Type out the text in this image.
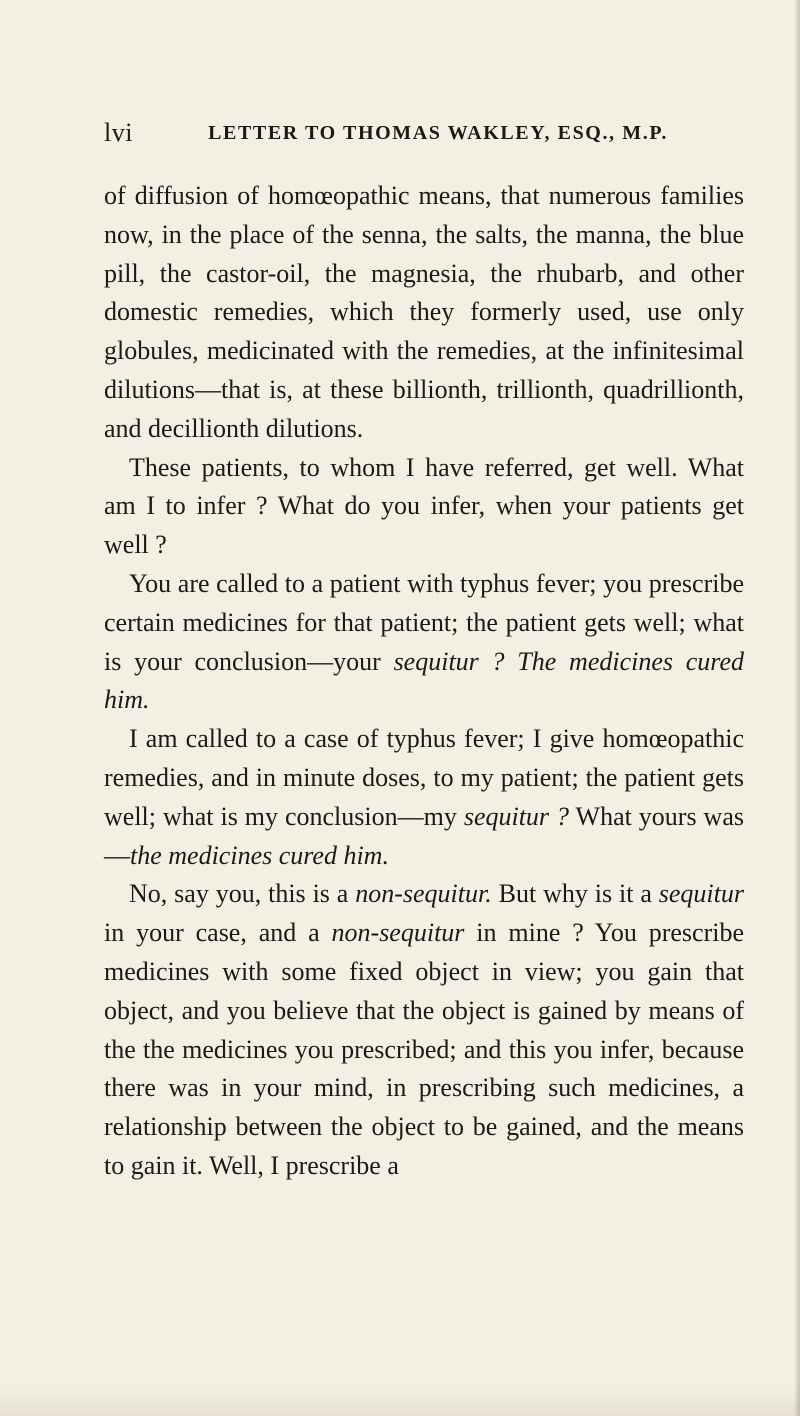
lvi	LETTER TO THOMAS WAKLEY, ESQ., M.P.

of diffusion of homœopathic means, that numerous families now, in the place of the senna, the salts, the manna, the blue pill, the castor-oil, the magnesia, the rhubarb, and other domestic remedies, which they formerly used, use only globules, medicinated with the remedies, at the infinitesimal dilutions—that is, at these billionth, trillionth, quadrillionth, and decillionth dilutions.

These patients, to whom I have referred, get well. What am I to infer ? What do you infer, when your patients get well ?

You are called to a patient with typhus fever; you prescribe certain medicines for that patient; the patient gets well; what is your conclusion—your sequitur ? The medicines cured him.

I am called to a case of typhus fever; I give homœopathic remedies, and in minute doses, to my patient; the patient gets well; what is my conclusion—my sequitur ? What yours was—the medicines cured him.

No, say you, this is a non-sequitur. But why is it a sequitur in your case, and a non-sequitur in mine ? You prescribe medicines with some fixed object in view; you gain that object, and you believe that the object is gained by means of the the medicines you prescribed; and this you infer, because there was in your mind, in prescribing such medicines, a relationship between the object to be gained, and the means to gain it. Well, I prescribe a
